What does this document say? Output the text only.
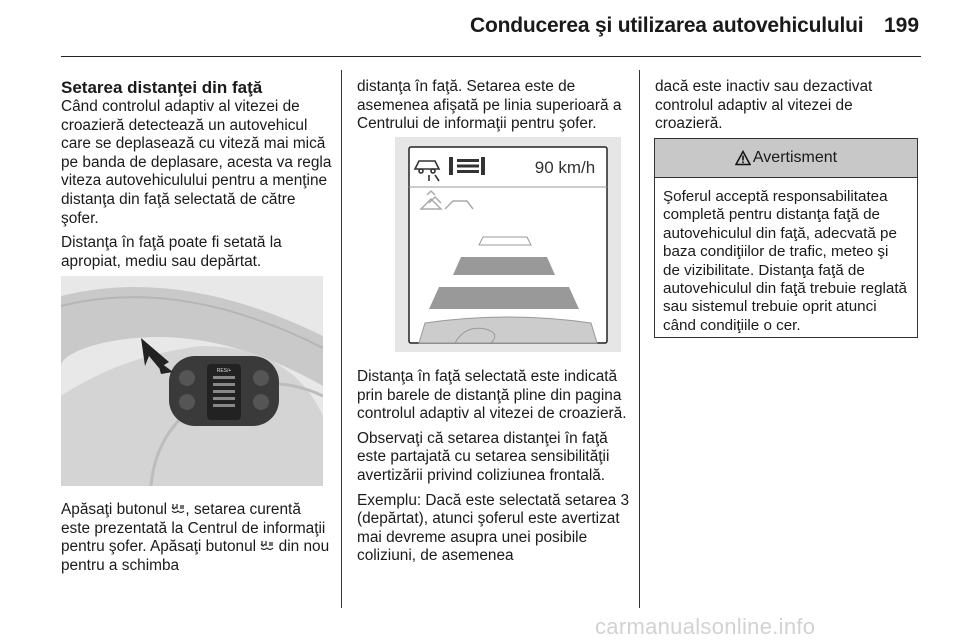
Conducerea şi utilizarea autovehiculului 199
Setarea distanţei din faţă

Când controlul adaptiv al vitezei de croazieră detectează un autovehicul care se deplasează cu viteză mai mică pe banda de deplasare, acesta va regla viteza autovehiculului pentru a menţine distanţa din faţă selectată de către şofer.

Distanţa în faţă poate fi setată la apropiat, mediu sau depărtat.

RES/+

Apăsaţi butonul , setarea curentă este prezentată la Centrul de informaţii pentru şofer. Apăsaţi butonul  din nou pentru a schimba

distanţa în faţă. Setarea este de asemenea afişată pe linia superioară a Centrului de informaţii pentru şofer.

90 km/h

Distanţa în faţă selectată este indicată prin barele de distanţă pline din pagina controlul adaptiv al vitezei de croazieră.

Observaţi că setarea distanţei în faţă este partajată cu setarea sensibilităţii avertizării privind coliziunea frontală.

Exemplu: Dacă este selectată setarea 3 (depărtat), atunci şoferul este avertizat mai devreme asupra unei posibile coliziuni, de asemenea

dacă este inactiv sau dezactivat controlul adaptiv al vitezei de croazieră.

Avertisment
Şoferul acceptă responsabilitatea completă pentru distanţa faţă de autovehiculul din faţă, adecvată pe baza condiţiilor de trafic, meteo şi de vizibilitate. Distanţa faţă de autovehiculul din faţă trebuie reglată sau sistemul trebuie oprit atunci când condiţiile o cer.
carmanualsonline.info
